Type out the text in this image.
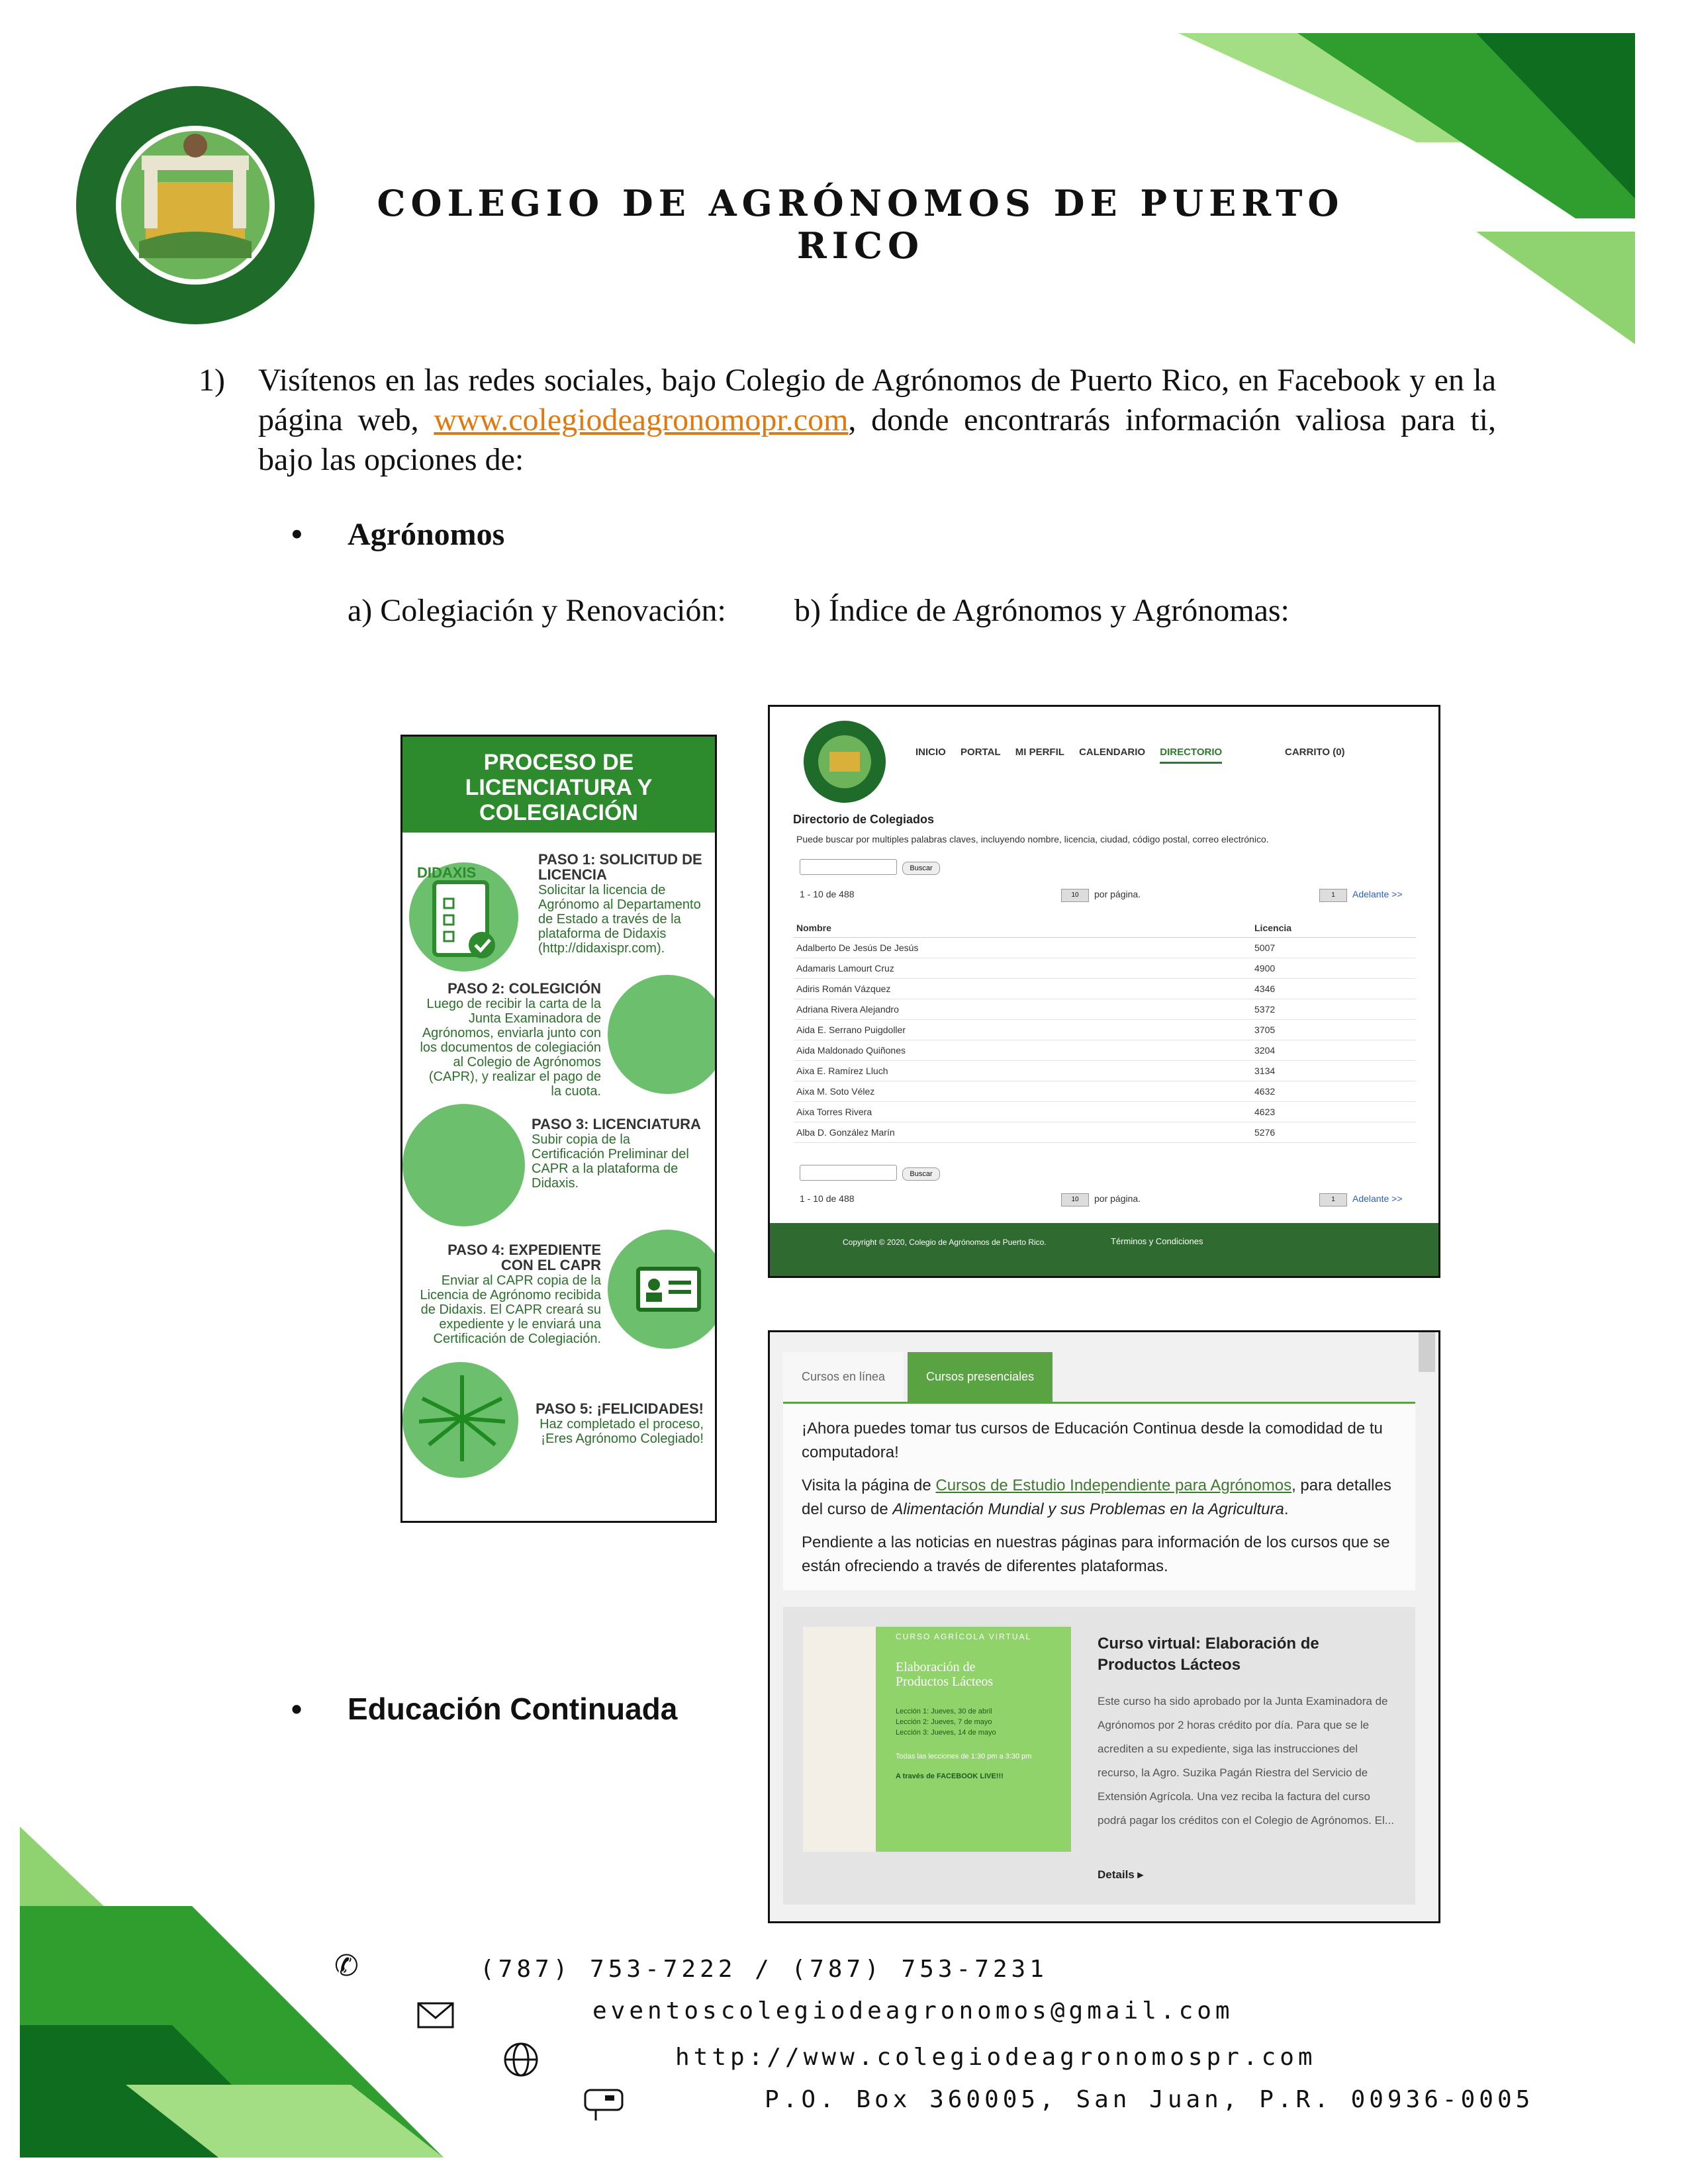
COLEGIO DE AGRÓNOMOS DE PUERTO RICO
1) Visítenos en las redes sociales, bajo Colegio de Agrónomos de Puerto Rico, en Facebook y en la página web, www.colegiodeagronomopr.com, donde encontrarás información valiosa para ti, bajo las opciones de:
• Agrónomos
a) Colegiación y Renovación: b) Índice de Agrónomos y Agrónomas:
PROCESO DE LICENCIATURA Y COLEGIACIÓN
DIDAXIS
PASO 1: SOLICITUD DE LICENCIA
Solicitar la licencia de Agrónomo al Departamento de Estado a través de la plataforma de Didaxis (http://didaxispr.com).
PASO 2: COLEGICIÓN
Luego de recibir la carta de la Junta Examinadora de Agrónomos, enviarla junto con los documentos de colegiación al Colegio de Agrónomos (CAPR), y realizar el pago de la cuota.
PASO 3: LICENCIATURA
Subir copia de la Certificación Preliminar del CAPR a la plataforma de Didaxis.
PASO 4: EXPEDIENTE CON EL CAPR
Enviar al CAPR copia de la Licencia de Agrónomo recibida de Didaxis. El CAPR creará su expediente y le enviará una Certificación de Colegiación.
PASO 5: ¡FELICIDADES!
Haz completado el proceso, ¡Eres Agrónomo Colegiado!
INICIO PORTAL MI PERFIL CALENDARIO DIRECTORIO	CARRITO (0)
Directorio de Colegiados
Puede buscar por multiples palabras claves, incluyendo nombre, licencia, ciudad, código postal, correo electrónico.
Buscar
1 - 10 de 488	10	por página.	1	Adelante >>
Nombre	Licencia
Adalberto De Jesús De Jesús	5007
Adamaris Lamourt Cruz	4900
Adiris Román Vázquez	4346
Adriana Rivera Alejandro	5372
Aida E. Serrano Puigdoller	3705
Aida Maldonado Quiñones	3204
Aixa E. Ramírez Lluch	3134
Aixa M. Soto Vélez	4632
Aixa Torres Rivera	4623
Alba D. González Marín	5276
Buscar
1 - 10 de 488	10	por página.	1	Adelante >>
Copyright © 2020, Colegio de Agrónomos de Puerto Rico.	Términos y Condiciones
Cursos en línea	Cursos presenciales

¡Ahora puedes tomar tus cursos de Educación Continua desde la comodidad de tu computadora!

Visita la página de Cursos de Estudio Independiente para Agrónomos, para detalles del curso de Alimentación Mundial y sus Problemas en la Agricultura.

Pendiente a las noticias en nuestras páginas para información de los cursos que se están ofreciendo a través de diferentes plataformas.

CURSO AGRÍCOLA VIRTUAL
Elaboración de Productos Lácteos
Lección 1: Jueves, 30 de abril
Lección 2: Jueves, 7 de mayo
Lección 3: Jueves, 14 de mayo
Todas las lecciones de 1:30 pm a 3:30 pm
A través de FACEBOOK LIVE!!!
Curso virtual: Elaboración de Productos Lácteos
Este curso ha sido aprobado por la Junta Examinadora de Agrónomos por 2 horas crédito por día. Para que se le acrediten a su expediente, siga las instrucciones del recurso, la Agro. Suzika Pagán Riestra del Servicio de Extensión Agrícola. Una vez reciba la factura del curso podrá pagar los créditos con el Colegio de Agrónomos. El...
Details ▸
• Educación Continuada
✆	(787) 753-7222 / (787) 753-7231
eventoscolegiodeagronomos@gmail.com
http://www.colegiodeagronomospr.com
P.O. Box 360005, San Juan, P.R. 00936-0005
